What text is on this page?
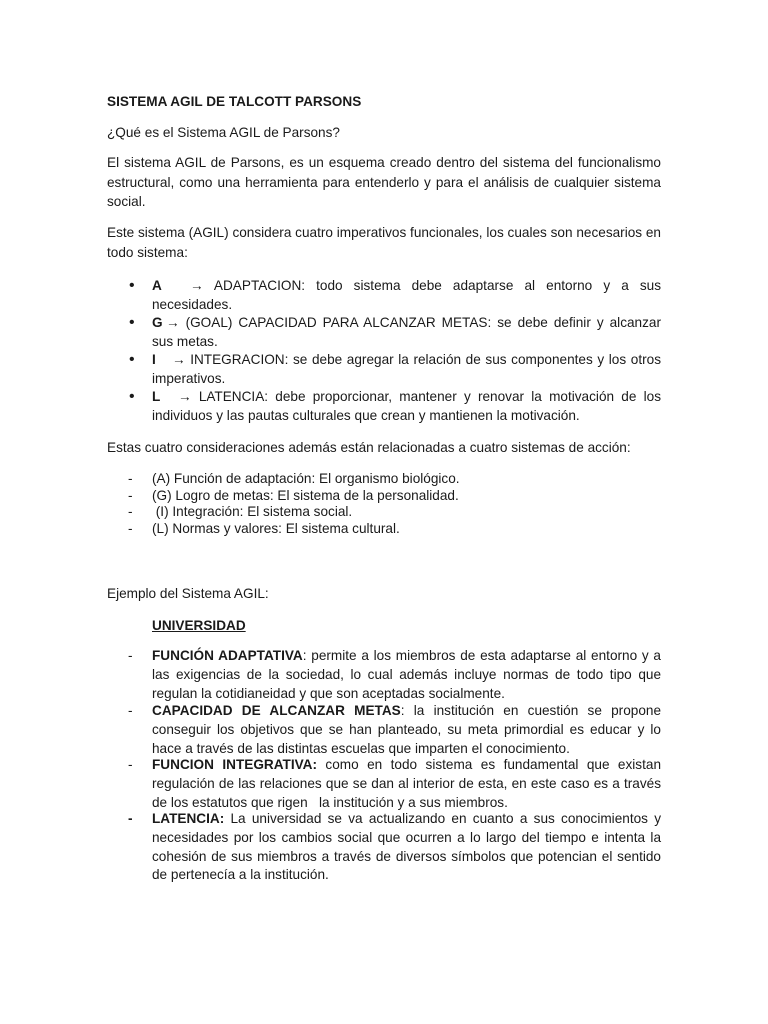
SISTEMA AGIL DE TALCOTT PARSONS
¿Qué es el Sistema AGIL de Parsons?
El sistema AGIL de Parsons, es un esquema creado dentro del sistema del funcionalismo estructural, como una herramienta para entenderlo y para el análisis de cualquier sistema social.
Este sistema (AGIL) considera cuatro imperativos funcionales, los cuales son necesarios en todo sistema:
• A → ADAPTACION: todo sistema debe adaptarse al entorno y a sus necesidades.
• G → (GOAL) CAPACIDAD PARA ALCANZAR METAS: se debe definir y alcanzar sus metas.
• I → INTEGRACION: se debe agregar la relación de sus componentes y los otros imperativos.
• L → LATENCIA: debe proporcionar, mantener y renovar la motivación de los individuos y las pautas culturales que crean y mantienen la motivación.
Estas cuatro consideraciones además están relacionadas a cuatro sistemas de acción:
- (A) Función de adaptación: El organismo biológico.
- (G) Logro de metas: El sistema de la personalidad.
- (I) Integración: El sistema social.
- (L) Normas y valores: El sistema cultural.
Ejemplo del Sistema AGIL:
UNIVERSIDAD
- FUNCIÓN ADAPTATIVA: permite a los miembros de esta adaptarse al entorno y a las exigencias de la sociedad, lo cual además incluye normas de todo tipo que regulan la cotidianeidad y que son aceptadas socialmente.
- CAPACIDAD DE ALCANZAR METAS: la institución en cuestión se propone conseguir los objetivos que se han planteado, su meta primordial es educar y lo hace a través de las distintas escuelas que imparten el conocimiento.
- FUNCION INTEGRATIVA: como en todo sistema es fundamental que existan regulación de las relaciones que se dan al interior de esta, en este caso es a través de los estatutos que rigen   la institución y a sus miembros.
- LATENCIA: La universidad se va actualizando en cuanto a sus conocimientos y necesidades por los cambios social que ocurren a lo largo del tiempo e intenta la cohesión de sus miembros a través de diversos símbolos que potencian el sentido de pertenecía a la institución.
